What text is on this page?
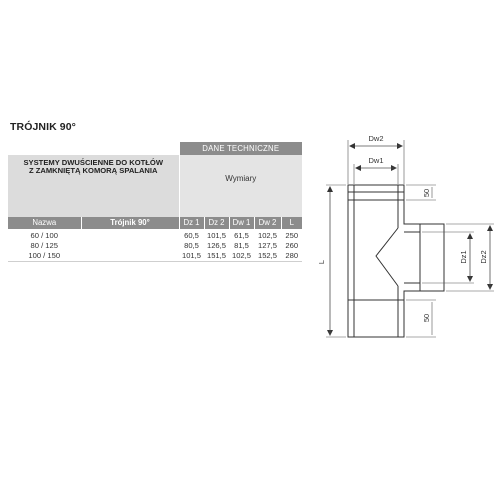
TRÓJNIK 90°
		DANE TECHNICZNE				

SYSTEMY DWUŚCIENNE DO KOTŁÓW
Z ZAMKNIĘTĄ KOMORĄ SPALANIA		Wymiary				
Nazwa	Trójnik 90°	Dz 1	Dz 2	Dw 1	Dw 2	L

60 / 100		60,5	101,5	61,5	102,5	250
80 / 125		80,5	126,5	81,5	127,5	260
100 / 150		101,5	151,5	102,5	152,5	280
Dw2
Dw1
L
50
50
Dz1 Dz2
